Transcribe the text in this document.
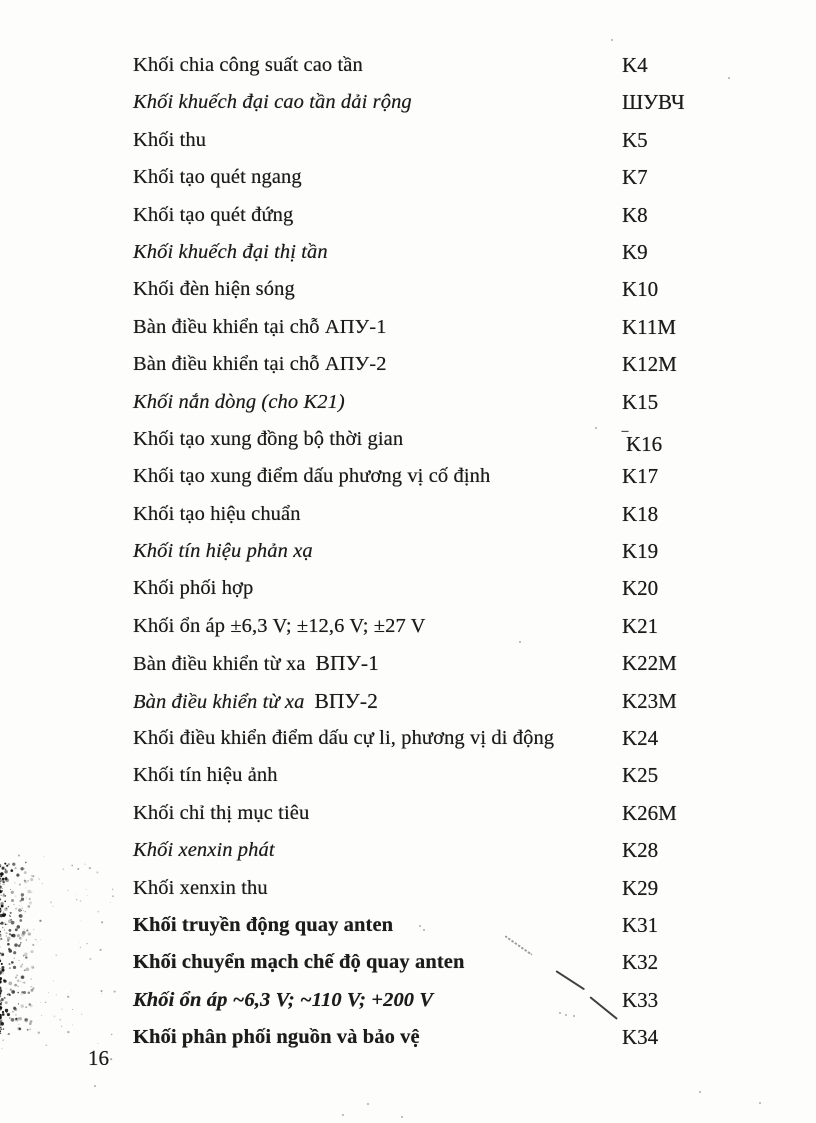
Khối chia công suất cao tần	K4
Khối khuếch đại cao tần dải rộng	ШУВЧ
Khối thu	K5
Khối tạo quét ngang	K7
Khối tạo quét đứng	K8
Khối khuếch đại thị tần	K9
Khối đèn hiện sóng	K10
Bàn điều khiển tại chỗ АПУ-1	K11M
Bàn điều khiển tại chỗ АПУ-2	K12M
Khối nắn dòng (cho K21)	K15
Khối tạo xung đồng bộ thời gian	‾K16
Khối tạo xung điểm dấu phương vị cố định	K17
Khối tạo hiệu chuẩn	K18
Khối tín hiệu phản xạ	K19
Khối phối hợp	K20
Khối ổn áp ±6,3 V; ±12,6 V; ±27 V	K21
Bàn điều khiển từ xa ВПУ-1	K22M
Bàn điều khiển từ xa ВПУ-2	K23M
Khối điều khiển điểm dấu cự li, phương vị di động	K24
Khối tín hiệu ảnh	K25
Khối chỉ thị mục tiêu	K26M
Khối xenxin phát	K28
Khối xenxin thu	K29
Khối truyền động quay anten	K31
Khối chuyển mạch chế độ quay anten	K32
Khối ổn áp ~6,3 V; ~110 V; +200 V	K33
Khối phân phối nguồn và bảo vệ	K34
16
